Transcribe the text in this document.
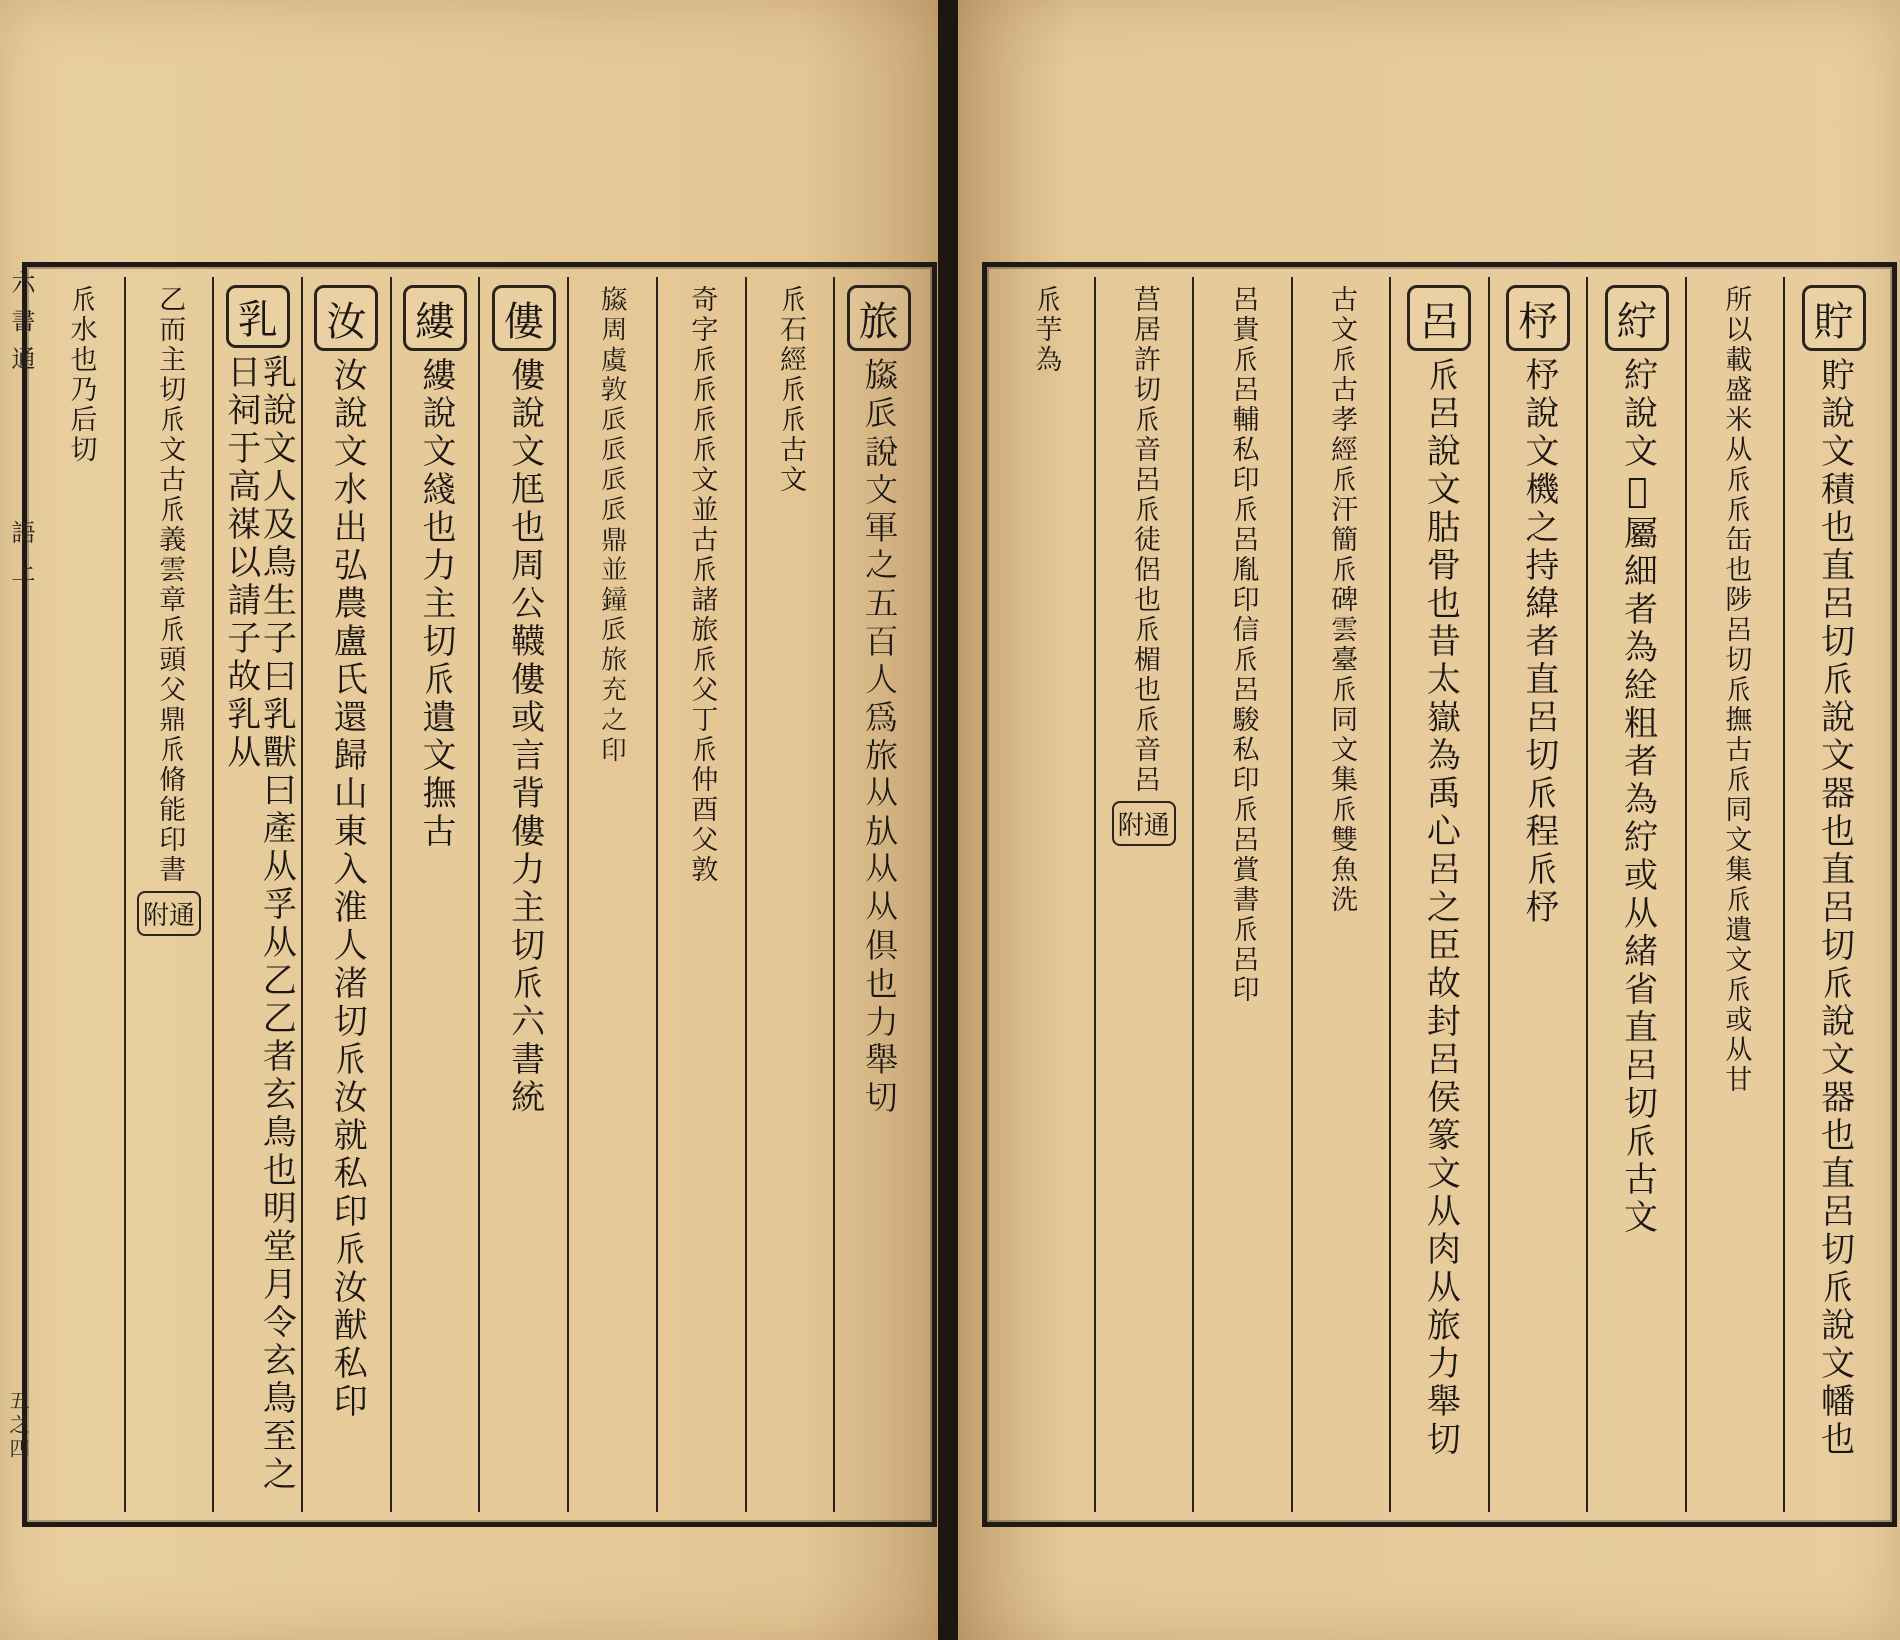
旅
𣄡𠂢說文軍之五百人為旅从㫃从从俱也力舉切
𠂢石經𠂢𠂢古文
奇字𠂢𠂢𠂢𠂢文並古𠂢諸旅𠂢父丁𠂢仲酉父敦
𣄡周虞敦𠂢𠂢𠂢𠂢鼎並鐘𠂢旅充之印
僂
僂說文尪也周公韈僂或言背僂力主切𠂢六書統
縷
縷說文綫也力主切𠂢遺文撫古
汝
汝說文水出弘農盧氏還歸山東入淮人渚切𠂢汝就私印𠂢汝猷私印
乳
乳說文人及鳥生子曰乳獸曰產从孚从乙乙者玄鳥也明堂月令玄鳥至之日祠于高禖以請子故乳从
乙而主切𠂢文古𠂢義雲章𠂢頭父鼎𠂢脩能印書
附通
𠂢水也乃后切
六書通
語上
五之四
貯
貯說文積也直呂切𠂢說文器也直呂切𠂢說文器也直呂切𠂢說文幡也
所以載盛米从𠂢𠂢缶也陟呂切𠂢撫古𠂢同文集𠂢遺文𠂢或从甘
紵
紵說文𦅅屬細者為絟粗者為紵或从緒省直呂切𠂢古文
杼
杼說文機之持緯者直呂切𠂢程𠂢杼
呂
𠂢呂說文𦙶骨也昔太嶽為禹心呂之臣故封呂侯篆文从肉从旅力舉切
古文𠂢古孝經𠂢汗簡𠂢碑雲臺𠂢同文集𠂢雙魚洗
呂貴𠂢呂輔私印𠂢呂胤印信𠂢呂駿私印𠂢呂賞書𠂢呂印
莒居許切𠂢音呂𠂢徒侶也𠂢楣也𠂢音呂
附通
𠂢芋為
